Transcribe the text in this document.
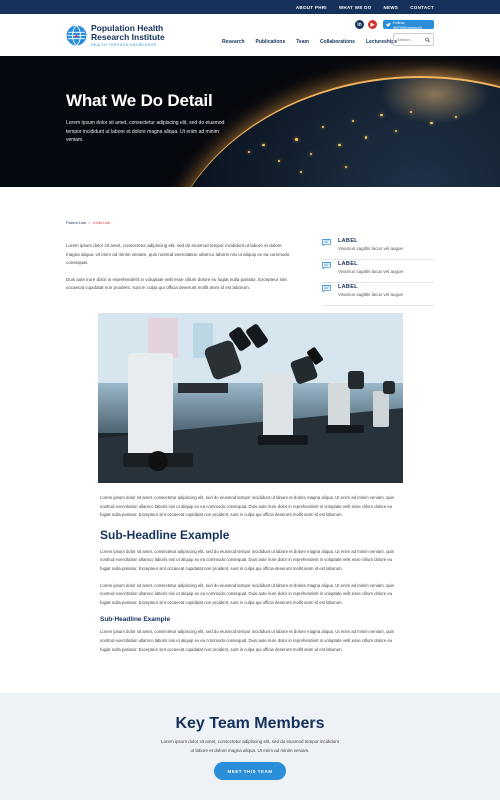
ABOUT PHRI	WHAT WE DO	NEWS	CONTACT
Population Health
Research Institute
HEALTH THROUGH KNOWLEDGE
in	▶	Follow @PHRIresearch
Research Publications Team Collaborations Lectureships
Search...
What We Do Detail

Lorem ipsum dolor sit amet, consectetur adipiscing elit, sed do eiusmod tempor incididunt ut labore et dolore magna aliqua. Ut enim ad minim veniam.

Parent Link » Child Link

Lorem ipsum dolor sit amet, consectetur adipiscing elit, sed do eiusmod tempor incididunt ut labore et dolore magna aliqua. Ut enim ad minim veniam, quis nostrud exercitation ullamco laboris nisi ut aliquip ex ea commodo consequat.

Duis aute irure dolor in reprehenderit in voluptate velit esse cillum dolore eu fugiat nulla pariatur. Excepteur sint occaecat cupidatat non proident, sunt in culpa qui officia deserunt mollit anim id est laborum.

LABEL
Vivamus sagittis lacus vel augue
LABEL
Vivamus sagittis lacus vel augue
LABEL
Vivamus sagittis lacus vel augue

Lorem ipsum dolor sit amet, consectetur adipiscing elit, sed do eiusmod tempor incididunt ut labore et dolore magna aliqua. Ut enim ad minim veniam, quis nostrud exercitation ullamco laboris nisi ut aliquip ex ea commodo consequat. Duis aute irure dolor in reprehenderit in voluptate velit esse cillum dolore eu fugiat nulla pariatur. Excepteur sint occaecat cupidatat non proident, sunt in culpa qui officia deserunt mollit anim id est laborum.

Sub-Headline Example

Lorem ipsum dolor sit amet, consectetur adipiscing elit, sed do eiusmod tempor incididunt ut labore et dolore magna aliqua. Ut enim ad minim veniam, quis nostrud exercitation ullamco laboris nisi ut aliquip ex ea commodo consequat. Duis aute irure dolor in reprehenderit in voluptate velit esse cillum dolore eu fugiat nulla pariatur. Excepteur sint occaecat cupidatat non proident, sunt in culpa qui officia deserunt mollit anim id est laborum.

Lorem ipsum dolor sit amet, consectetur adipiscing elit, sed do eiusmod tempor incididunt ut labore et dolore magna aliqua. Ut enim ad minim veniam, quis nostrud exercitation ullamco laboris nisi ut aliquip ex ea commodo consequat. Duis aute irure dolor in reprehenderit in voluptate velit esse cillum dolore eu fugiat nulla pariatur. Excepteur sint occaecat cupidatat non proident, sunt in culpa qui officia deserunt mollit anim id est laborum.

Sub-Headline Example

Lorem ipsum dolor sit amet, consectetur adipiscing elit, sed do eiusmod tempor incididunt ut labore et dolore magna aliqua. Ut enim ad minim veniam, quis nostrud exercitation ullamco laboris nisi ut aliquip ex ea commodo consequat. Duis aute irure dolor in reprehenderit in voluptate velit esse cillum dolore eu fugiat nulla pariatur. Excepteur sint occaecat cupidatat non proident, sunt in culpa qui officia deserunt mollit anim id est laborum.

Key Team Members

Lorem ipsum dolor sit amet, consectetur adipiscing elit, sed do eiusmod tempor incididunt ut labore et dolore magna aliqua. Ut enim ad minim veniam.

MEET THIS TEAM
